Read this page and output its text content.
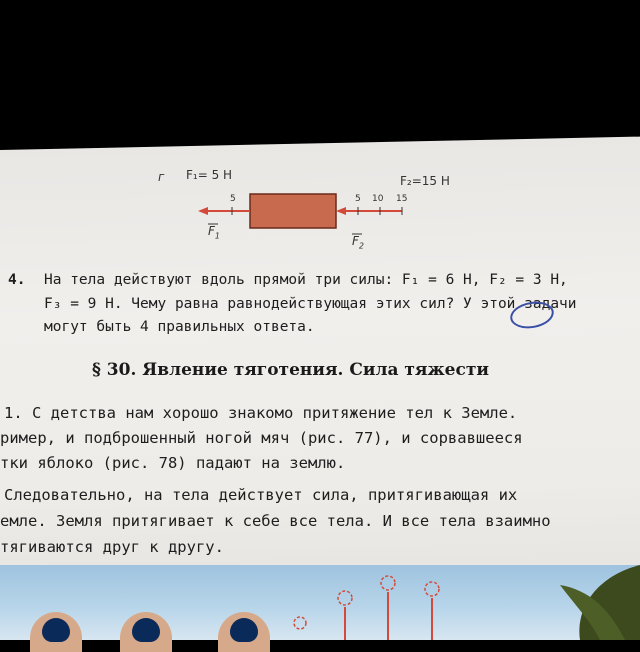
г F₁= 5 Н	F₂=15 Н
5	5 10 15
$F_1$	$F_2$
4. На тела действуют вдоль прямой три силы: F₁ = 6 Н, F₂ = 3 Н,
F₃ = 9 Н. Чему равна равнодействующая этих сил? У этой задачи
могут быть 4 правильных ответа.
§ 30. Явление тяготения. Сила тяжести
1. С детства нам хорошо знакомо притяжение тел к Земле.
ример, и подброшенный ногой мяч (рис. 77), и сорвавшееся
тки яблоко (рис. 78) падают на землю.
Следовательно, на тела действует сила, притягивающая их
емле. Земля притягивает к себе все тела. И все тела взаимно
тягиваются друг к другу.
